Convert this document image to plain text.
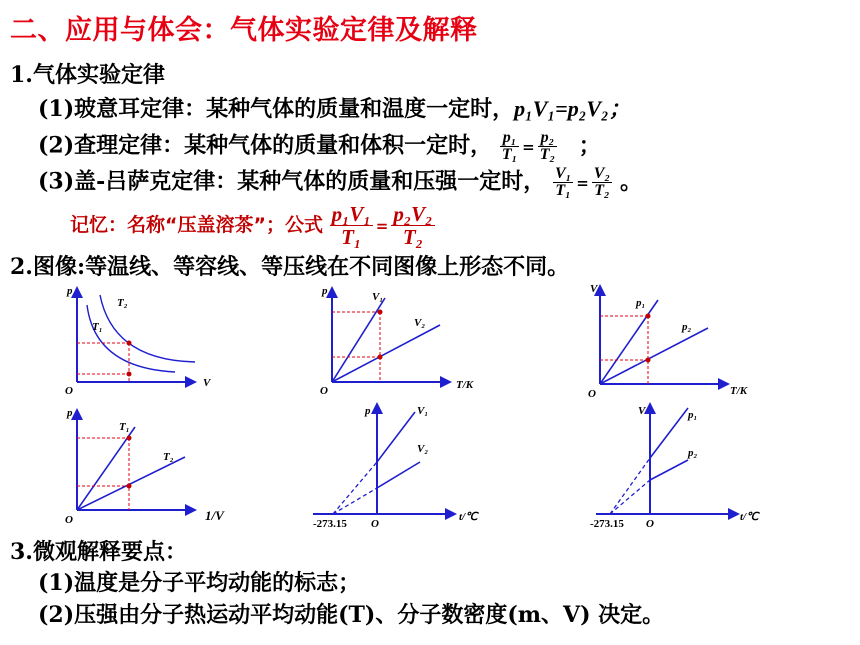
二、应用与体会：气体实验定律及解释
1.气体实验定律
(1)玻意耳定律：某种气体的质量和温度一定时，p₁V₁=p₂V₂；
(2)查理定律：某种气体的质量和体积一定时， $\frac{\text{p₁}}{\text{T₁}} = \frac{\text{p₂}}{\text{T₂}}$ ；
(3)盖-吕萨克定律：某种气体的质量和压强一定时， $\frac{\text{V₁}}{\text{T₁}} = \frac{\text{V₂}}{\text{T₂}}$ 。
记忆：名称“压盖溶茶”；公式 $\frac{\text{p₁V₁}}{\text{T₁}} = \frac{\text{p₂V₂}}{\text{T₂}}$
2.图像:等温线、等容线、等压线在不同图像上形态不同。
p
V
O
T₁
T₂
p
T/K
O
V₁
V₂
V
T/K
O
p₁
p₂
p
1/V
O
T₁
T₂
p
t/℃
O
V₁
V₂
-273.15
V
t/℃
O
p₁
p₂
-273.15
3.微观解释要点：
(1)温度是分子平均动能的标志；
(2)压强由分子热运动平均动能(T)、分子数密度(m、V) 决定。
